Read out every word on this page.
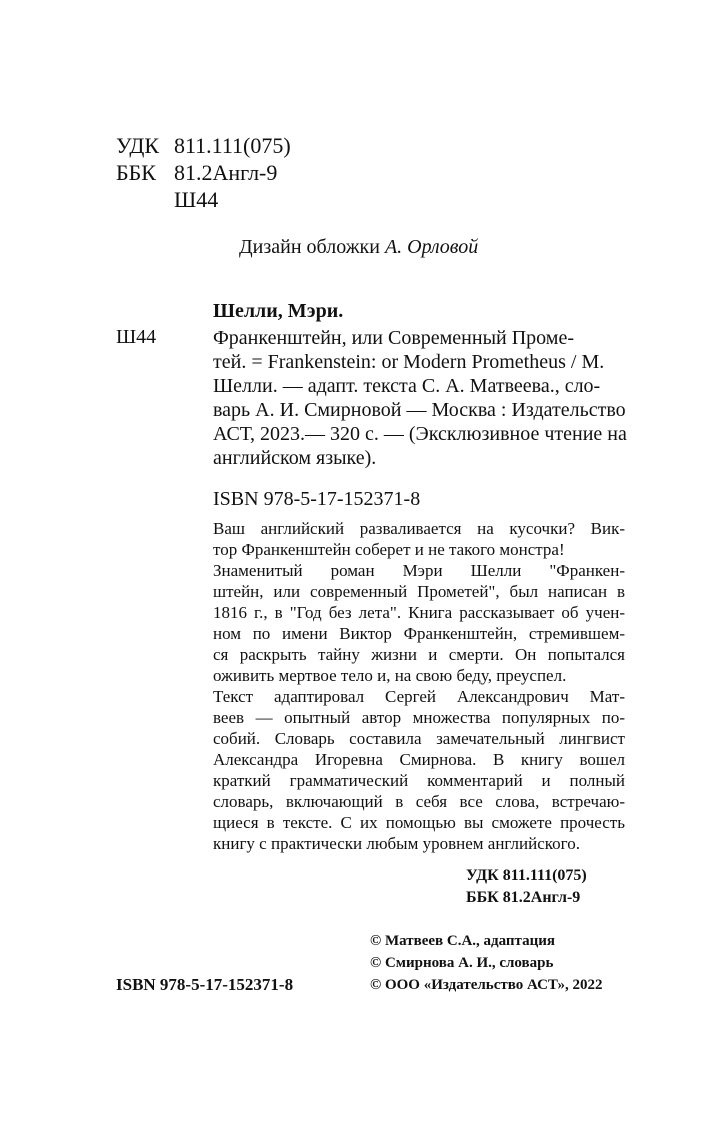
УДК 811.111(075)
ББК 81.2Англ-9
Ш44
Дизайн обложки А. Орловой
Шелли, Мэри.
Ш44	Франкенштейн, или Современный Проме-
тей. = Frankenstein: or Modern Prometheus / М.
Шелли. — адапт. текста С. А. Матвеева., сло-
варь А. И. Смирновой — Москва : Издательство
АСТ, 2023.— 320 с. — (Эксклюзивное чтение на
английском языке).
ISBN 978-5-17-152371-8
Ваш английский разваливается на кусочки? Вик-
тор Франкенштейн соберет и не такого монстра!
Знаменитый роман Мэри Шелли "Франкен-
штейн, или современный Прометей", был написан в
1816 г., в "Год без лета". Книга рассказывает об учен-
ном по имени Виктор Франкенштейн, стремившем-
ся раскрыть тайну жизни и смерти. Он попытался
оживить мертвое тело и, на свою беду, преуспел.
Текст адаптировал Сергей Александрович Мат-
веев — опытный автор множества популярных по-
собий. Словарь составила замечательный лингвист
Александра Игоревна Смирнова. В книгу вошел
краткий грамматический комментарий и полный
словарь, включающий в себя все слова, встречаю-
щиеся в тексте. С их помощью вы сможете прочесть
книгу с практически любым уровнем английского.
УДК 811.111(075)
ББК 81.2Англ-9
© Матвеев С.А., адаптация
© Смирнова А. И., словарь
ISBN 978-5-17-152371-8	© ООО «Издательство АСТ», 2022
